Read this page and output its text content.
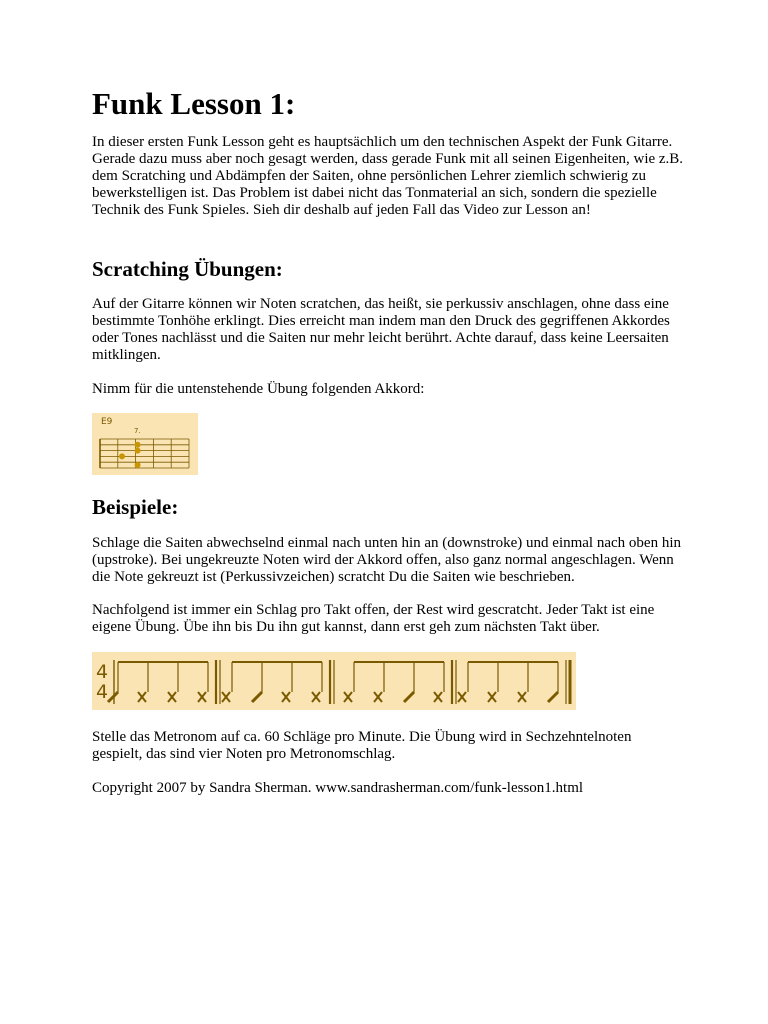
Funk Lesson 1:

In dieser ersten Funk Lesson geht es hauptsächlich um den technischen Aspekt der Funk Gitarre. Gerade dazu muss aber noch gesagt werden, dass gerade Funk mit all seinen Eigenheiten, wie z.B. dem Scratching und Abdämpfen der Saiten, ohne persönlichen Lehrer ziemlich schwierig zu bewerkstelligen ist. Das Problem ist dabei nicht das Tonmaterial an sich, sondern die spezielle Technik des Funk Spieles. Sieh dir deshalb auf jeden Fall das Video zur Lesson an!

Scratching Übungen:

Auf der Gitarre können wir Noten scratchen, das heißt, sie perkussiv anschlagen, ohne dass eine bestimmte Tonhöhe erklingt. Dies erreicht man indem man den Druck des gegriffenen Akkordes oder Tones nachlässt und die Saiten nur mehr leicht berührt. Achte darauf, dass keine Leersaiten mitklingen.

Nimm für die untenstehende Übung folgenden Akkord:

Beispiele:

Schlage die Saiten abwechselnd einmal nach unten hin an (downstroke) und einmal nach oben hin (upstroke). Bei ungekreuzte Noten wird der Akkord offen, also ganz normal angeschlagen. Wenn die Note gekreuzt ist (Perkussivzeichen) scratcht Du die Saiten wie beschrieben.

Nachfolgend ist immer ein Schlag pro Takt offen, der Rest wird gescratcht. Jeder Takt ist eine eigene Übung. Übe ihn bis Du ihn gut kannst, dann erst geh zum nächsten Takt über.

Stelle das Metronom auf ca. 60 Schläge pro Minute. Die Übung wird in Sechzehntelnoten gespielt, das sind vier Noten pro Metronomschlag.

Copyright 2007 by Sandra Sherman. www.sandrasherman.com/funk-lesson1.html

E9
7.
4
4
